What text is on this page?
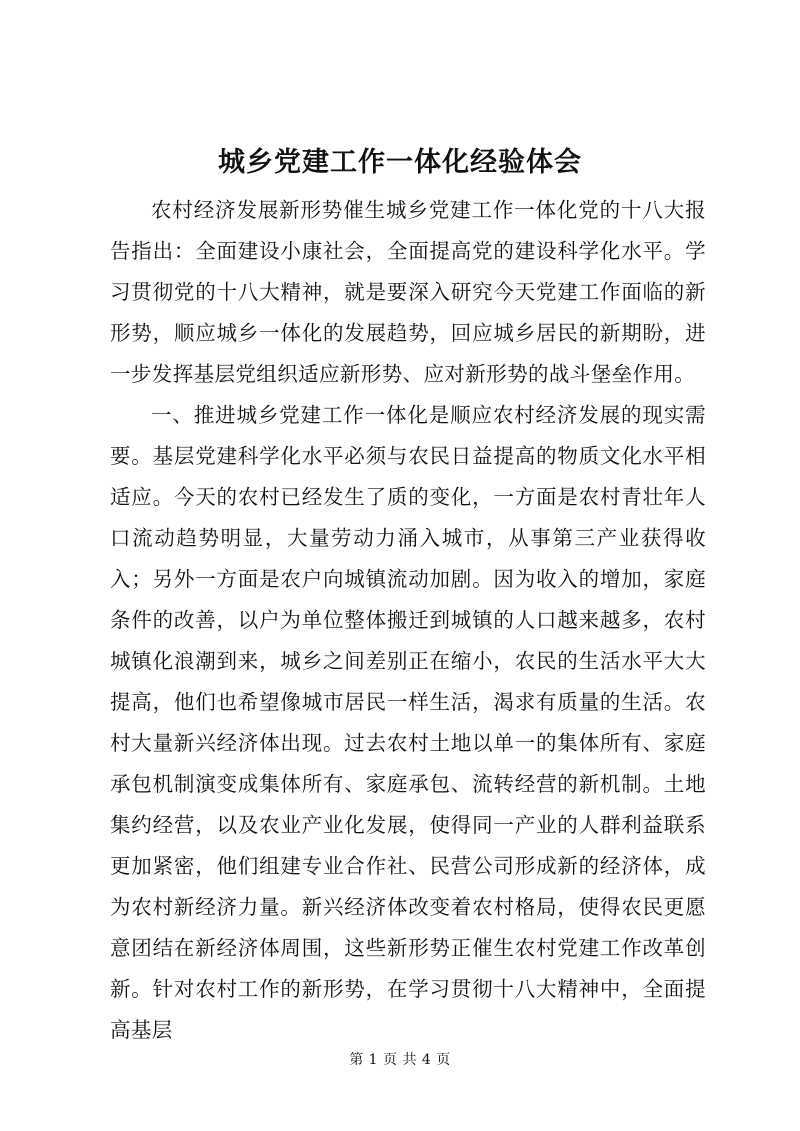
城乡党建工作一体化经验体会

农村经济发展新形势催生城乡党建工作一体化党的十八大报告指出：全面建设小康社会，全面提高党的建设科学化水平。学习贯彻党的十八大精神，就是要深入研究今天党建工作面临的新形势，顺应城乡一体化的发展趋势，回应城乡居民的新期盼，进一步发挥基层党组织适应新形势、应对新形势的战斗堡垒作用。

一、推进城乡党建工作一体化是顺应农村经济发展的现实需要。基层党建科学化水平必须与农民日益提高的物质文化水平相适应。今天的农村已经发生了质的变化，一方面是农村青壮年人口流动趋势明显，大量劳动力涌入城市，从事第三产业获得收入；另外一方面是农户向城镇流动加剧。因为收入的增加，家庭条件的改善，以户为单位整体搬迁到城镇的人口越来越多，农村城镇化浪潮到来，城乡之间差别正在缩小，农民的生活水平大大提高，他们也希望像城市居民一样生活，渴求有质量的生活。农村大量新兴经济体出现。过去农村土地以单一的集体所有、家庭承包机制演变成集体所有、家庭承包、流转经营的新机制。土地集约经营，以及农业产业化发展，使得同一产业的人群利益联系更加紧密，他们组建专业合作社、民营公司形成新的经济体，成为农村新经济力量。新兴经济体改变着农村格局，使得农民更愿意团结在新经济体周围，这些新形势正催生农村党建工作改革创新。针对农村工作的新形势，在学习贯彻十八大精神中，全面提高基层

第 1 页 共 4 页
